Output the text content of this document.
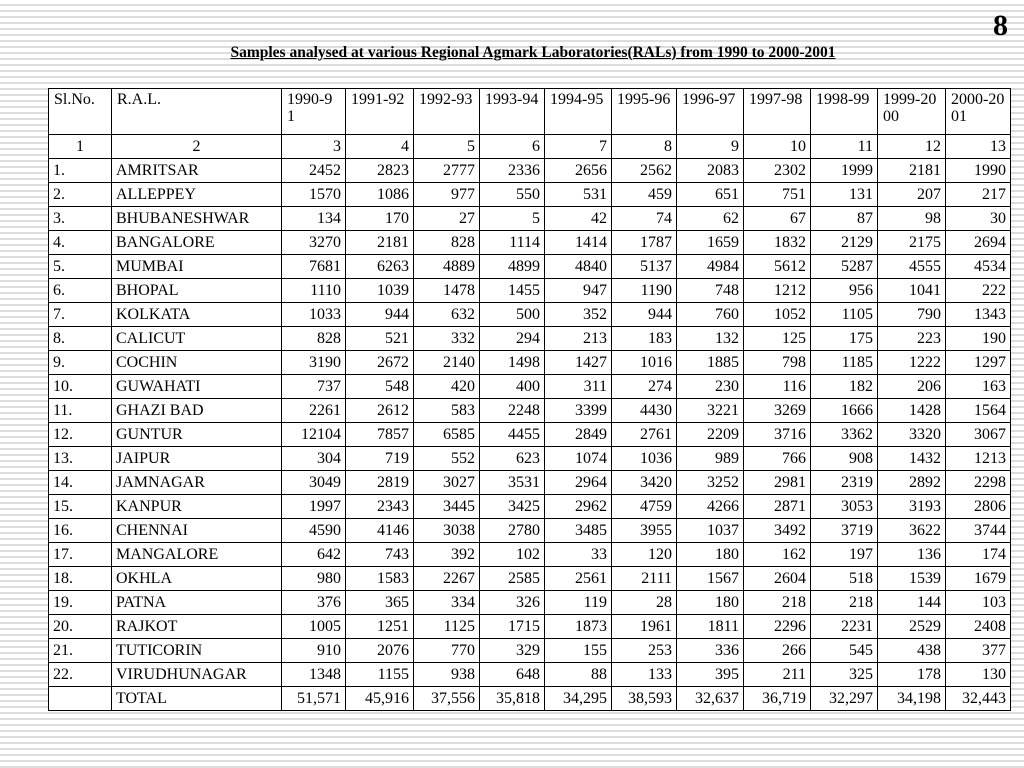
8
Samples analysed at various Regional Agmark Laboratories(RALs) from 1990 to 2000-2001
Sl.No.	R.A.L.	1990-91	1991-92	1992-93	1993-94	1994-95	1995-96	1996-97	1997-98	1998-99	1999-2000	2000-2001
1	2	3	4	5	6	7	8	9	10	11	12	13
1.	AMRITSAR	2452	2823	2777	2336	2656	2562	2083	2302	1999	2181	1990
2.	ALLEPPEY	1570	1086	977	550	531	459	651	751	131	207	217
3.	BHUBANESHWAR	134	170	27	5	42	74	62	67	87	98	30
4.	BANGALORE	3270	2181	828	1114	1414	1787	1659	1832	2129	2175	2694
5.	MUMBAI	7681	6263	4889	4899	4840	5137	4984	5612	5287	4555	4534
6.	BHOPAL	1110	1039	1478	1455	947	1190	748	1212	956	1041	222
7.	KOLKATA	1033	944	632	500	352	944	760	1052	1105	790	1343
8.	CALICUT	828	521	332	294	213	183	132	125	175	223	190
9.	COCHIN	3190	2672	2140	1498	1427	1016	1885	798	1185	1222	1297
10.	GUWAHATI	737	548	420	400	311	274	230	116	182	206	163
11.	GHAZI BAD	2261	2612	583	2248	3399	4430	3221	3269	1666	1428	1564
12.	GUNTUR	12104	7857	6585	4455	2849	2761	2209	3716	3362	3320	3067
13.	JAIPUR	304	719	552	623	1074	1036	989	766	908	1432	1213
14.	JAMNAGAR	3049	2819	3027	3531	2964	3420	3252	2981	2319	2892	2298
15.	KANPUR	1997	2343	3445	3425	2962	4759	4266	2871	3053	3193	2806
16.	CHENNAI	4590	4146	3038	2780	3485	3955	1037	3492	3719	3622	3744
17.	MANGALORE	642	743	392	102	33	120	180	162	197	136	174
18.	OKHLA	980	1583	2267	2585	2561	2111	1567	2604	518	1539	1679
19.	PATNA	376	365	334	326	119	28	180	218	218	144	103
20.	RAJKOT	1005	1251	1125	1715	1873	1961	1811	2296	2231	2529	2408
21.	TUTICORIN	910	2076	770	329	155	253	336	266	545	438	377
22.	VIRUDHUNAGAR	1348	1155	938	648	88	133	395	211	325	178	130
	TOTAL	51,571	45,916	37,556	35,818	34,295	38,593	32,637	36,719	32,297	34,198	32,443
